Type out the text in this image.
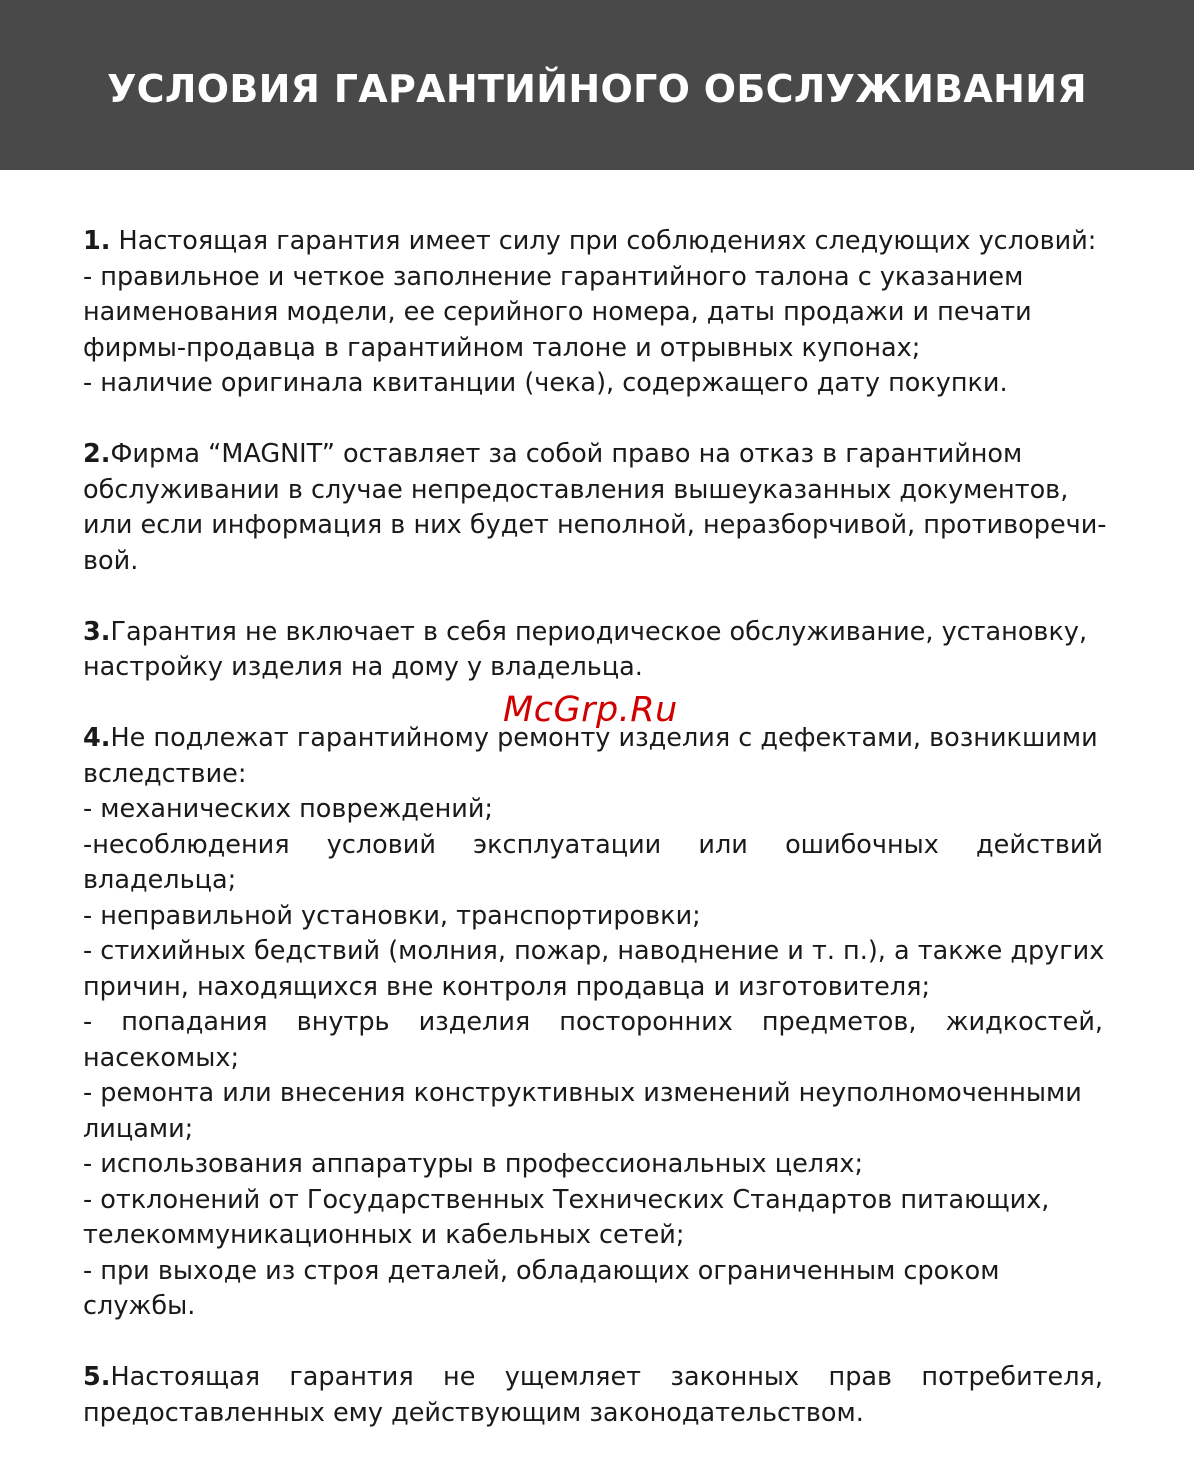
УСЛОВИЯ ГАРАНТИЙНОГО ОБСЛУЖИВАНИЯ
1. Настоящая гарантия имеет силу при соблюдениях следующих условий:
- правильное и четкое заполнение гарантийного талона с указанием
наименования модели, ее серийного номера, даты продажи и печати
фирмы-продавца в гарантийном талоне и отрывных купонах;
- наличие оригинала квитанции (чека), содержащего дату покупки.
2.Фирма “MAGNIT” оставляет за собой право на отказ в гарантийном
обслуживании в случае непредоставления вышеуказанных документов,
или если информация в них будет неполной, неразборчивой, противоречи-
вой.
3.Гарантия не включает в себя периодическое обслуживание, установку,
настройку изделия на дому у владельца.
4.Не подлежат гарантийному ремонту изделия с дефектами, возникшими
вследствие:
- механических повреждений;
-несоблюдения условий эксплуатации или ошибочных действий
владельца;
- неправильной установки, транспортировки;
- стихийных бедствий (молния, пожар, наводнение и т. п.), а также других
причин, находящихся вне контроля продавца и изготовителя;
- попадания внутрь изделия посторонних предметов, жидкостей,
насекомых;
- ремонта или внесения конструктивных изменений неуполномоченными
лицами;
- использования аппаратуры в профессиональных целях;
- отклонений от Государственных Технических Стандартов питающих,
телекоммуникационных и кабельных сетей;
- при выходе из строя деталей, обладающих ограниченным сроком
службы.
5.Настоящая гарантия не ущемляет законных прав потребителя,
предоставленных ему действующим законодательством.
McGrp.Ru
